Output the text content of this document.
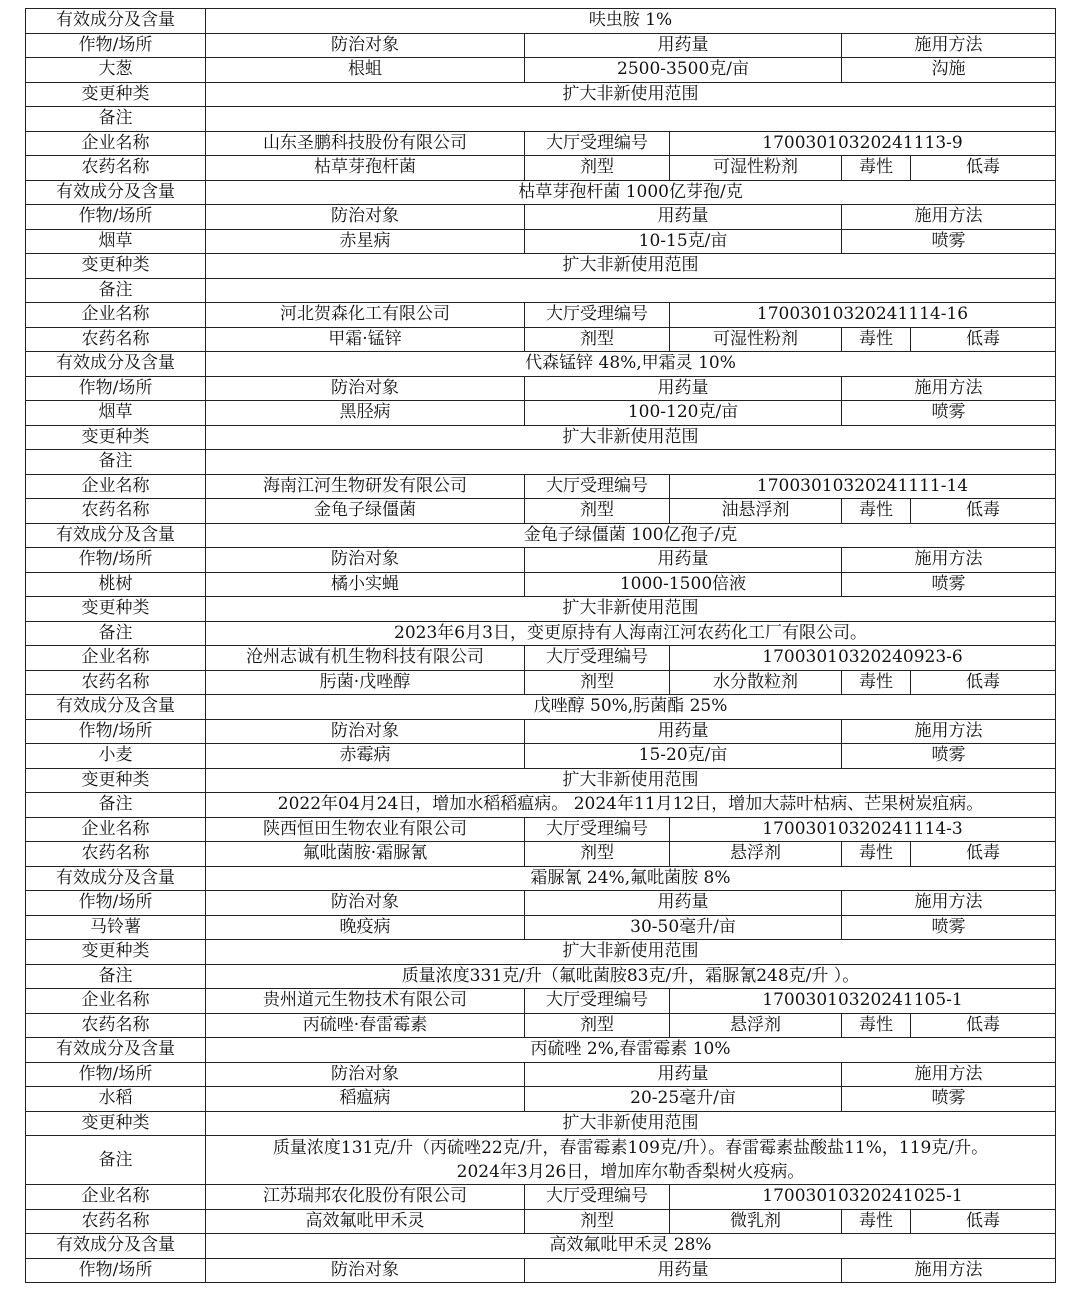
有效成分及含量	呋虫胺 1%				
作物/场所	防治对象	用药量		施用方法	
大葱	根蛆	2500-3500克/亩		沟施	
变更种类	扩大非新使用范围				
备注					
企业名称	山东圣鹏科技股份有限公司	大厅受理编号	17003010320241113-9		
农药名称	枯草芽孢杆菌	剂型	可湿性粉剂	毒性	低毒
有效成分及含量	枯草芽孢杆菌 1000亿芽孢/克				
作物/场所	防治对象	用药量		施用方法	
烟草	赤星病	10-15克/亩		喷雾	
变更种类	扩大非新使用范围				
备注					
企业名称	河北贺森化工有限公司	大厅受理编号	17003010320241114-16		
农药名称	甲霜·锰锌	剂型	可湿性粉剂	毒性	低毒
有效成分及含量	代森锰锌 48%,甲霜灵 10%				
作物/场所	防治对象	用药量		施用方法	
烟草	黑胫病	100-120克/亩		喷雾	
变更种类	扩大非新使用范围				
备注					
企业名称	海南江河生物研发有限公司	大厅受理编号	17003010320241111-14		
农药名称	金龟子绿僵菌	剂型	油悬浮剂	毒性	低毒
有效成分及含量	金龟子绿僵菌 100亿孢子/克				
作物/场所	防治对象	用药量		施用方法	
桃树	橘小实蝇	1000-1500倍液		喷雾	
变更种类	扩大非新使用范围				
备注	2023年6月3日，变更原持有人海南江河农药化工厂有限公司。				
企业名称	沧州志诚有机生物科技有限公司	大厅受理编号	17003010320240923-6		
农药名称	肟菌·戊唑醇	剂型	水分散粒剂	毒性	低毒
有效成分及含量	戊唑醇 50%,肟菌酯 25%				
作物/场所	防治对象	用药量		施用方法	
小麦	赤霉病	15-20克/亩		喷雾	
变更种类	扩大非新使用范围				
备注	2022年04月24日，增加水稻稻瘟病。 2024年11月12日，增加大蒜叶枯病、芒果树炭疽病。				
企业名称	陕西恒田生物农业有限公司	大厅受理编号	17003010320241114-3		
农药名称	氟吡菌胺·霜脲氰	剂型	悬浮剂	毒性	低毒
有效成分及含量	霜脲氰 24%,氟吡菌胺 8%				
作物/场所	防治对象	用药量		施用方法	
马铃薯	晚疫病	30-50毫升/亩		喷雾	
变更种类	扩大非新使用范围				
备注	质量浓度331克/升（氟吡菌胺83克/升，霜脲氰248克/升 ）。				
企业名称	贵州道元生物技术有限公司	大厅受理编号	17003010320241105-1		
农药名称	丙硫唑·春雷霉素	剂型	悬浮剂	毒性	低毒
有效成分及含量	丙硫唑 2%,春雷霉素 10%				
作物/场所	防治对象	用药量		施用方法	
水稻	稻瘟病	20-25毫升/亩		喷雾	
变更种类	扩大非新使用范围				
备注	质量浓度131克/升（丙硫唑22克/升，春雷霉素109克/升）。春雷霉素盐酸盐11%，119克/升。
2024年3月26日，增加库尔勒香梨树火疫病。				

企业名称	江苏瑞邦农化股份有限公司	大厅受理编号	17003010320241025-1		
农药名称	高效氟吡甲禾灵	剂型	微乳剂	毒性	低毒
有效成分及含量	高效氟吡甲禾灵 28%				
作物/场所	防治对象	用药量		施用方法	
